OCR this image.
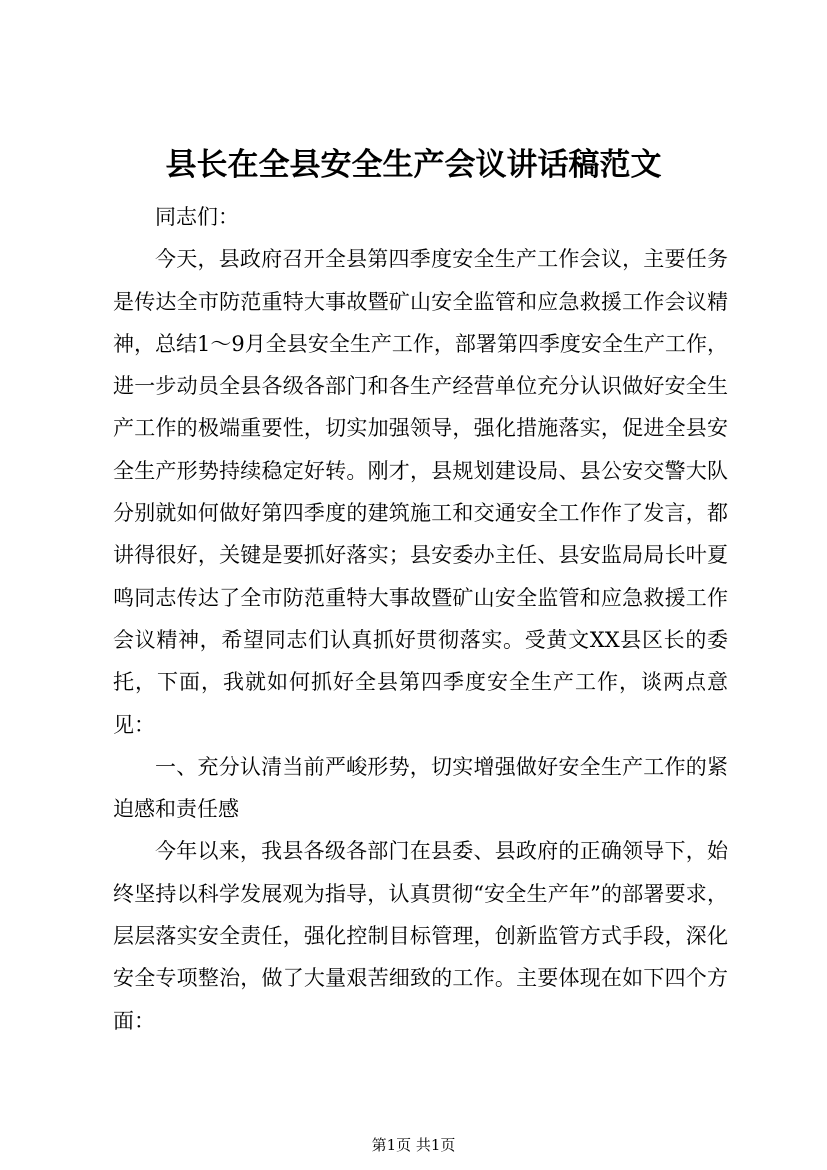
县长在全县安全生产会议讲话稿范文

同志们：

今天，县政府召开全县第四季度安全生产工作会议，主要任务是传达全市防范重特大事故暨矿山安全监管和应急救援工作会议精神，总结1～9月全县安全生产工作，部署第四季度安全生产工作，进一步动员全县各级各部门和各生产经营单位充分认识做好安全生产工作的极端重要性，切实加强领导，强化措施落实，促进全县安全生产形势持续稳定好转。刚才，县规划建设局、县公安交警大队分别就如何做好第四季度的建筑施工和交通安全工作作了发言，都讲得很好，关键是要抓好落实；县安委办主任、县安监局局长叶夏鸣同志传达了全市防范重特大事故暨矿山安全监管和应急救援工作会议精神，希望同志们认真抓好贯彻落实。受黄文XX县区长的委托，下面，我就如何抓好全县第四季度安全生产工作，谈两点意见：

一、充分认清当前严峻形势，切实增强做好安全生产工作的紧迫感和责任感

今年以来，我县各级各部门在县委、县政府的正确领导下，始终坚持以科学发展观为指导，认真贯彻“安全生产年”的部署要求，层层落实安全责任，强化控制目标管理，创新监管方式手段，深化安全专项整治，做了大量艰苦细致的工作。主要体现在如下四个方面：

第1页 共1页
